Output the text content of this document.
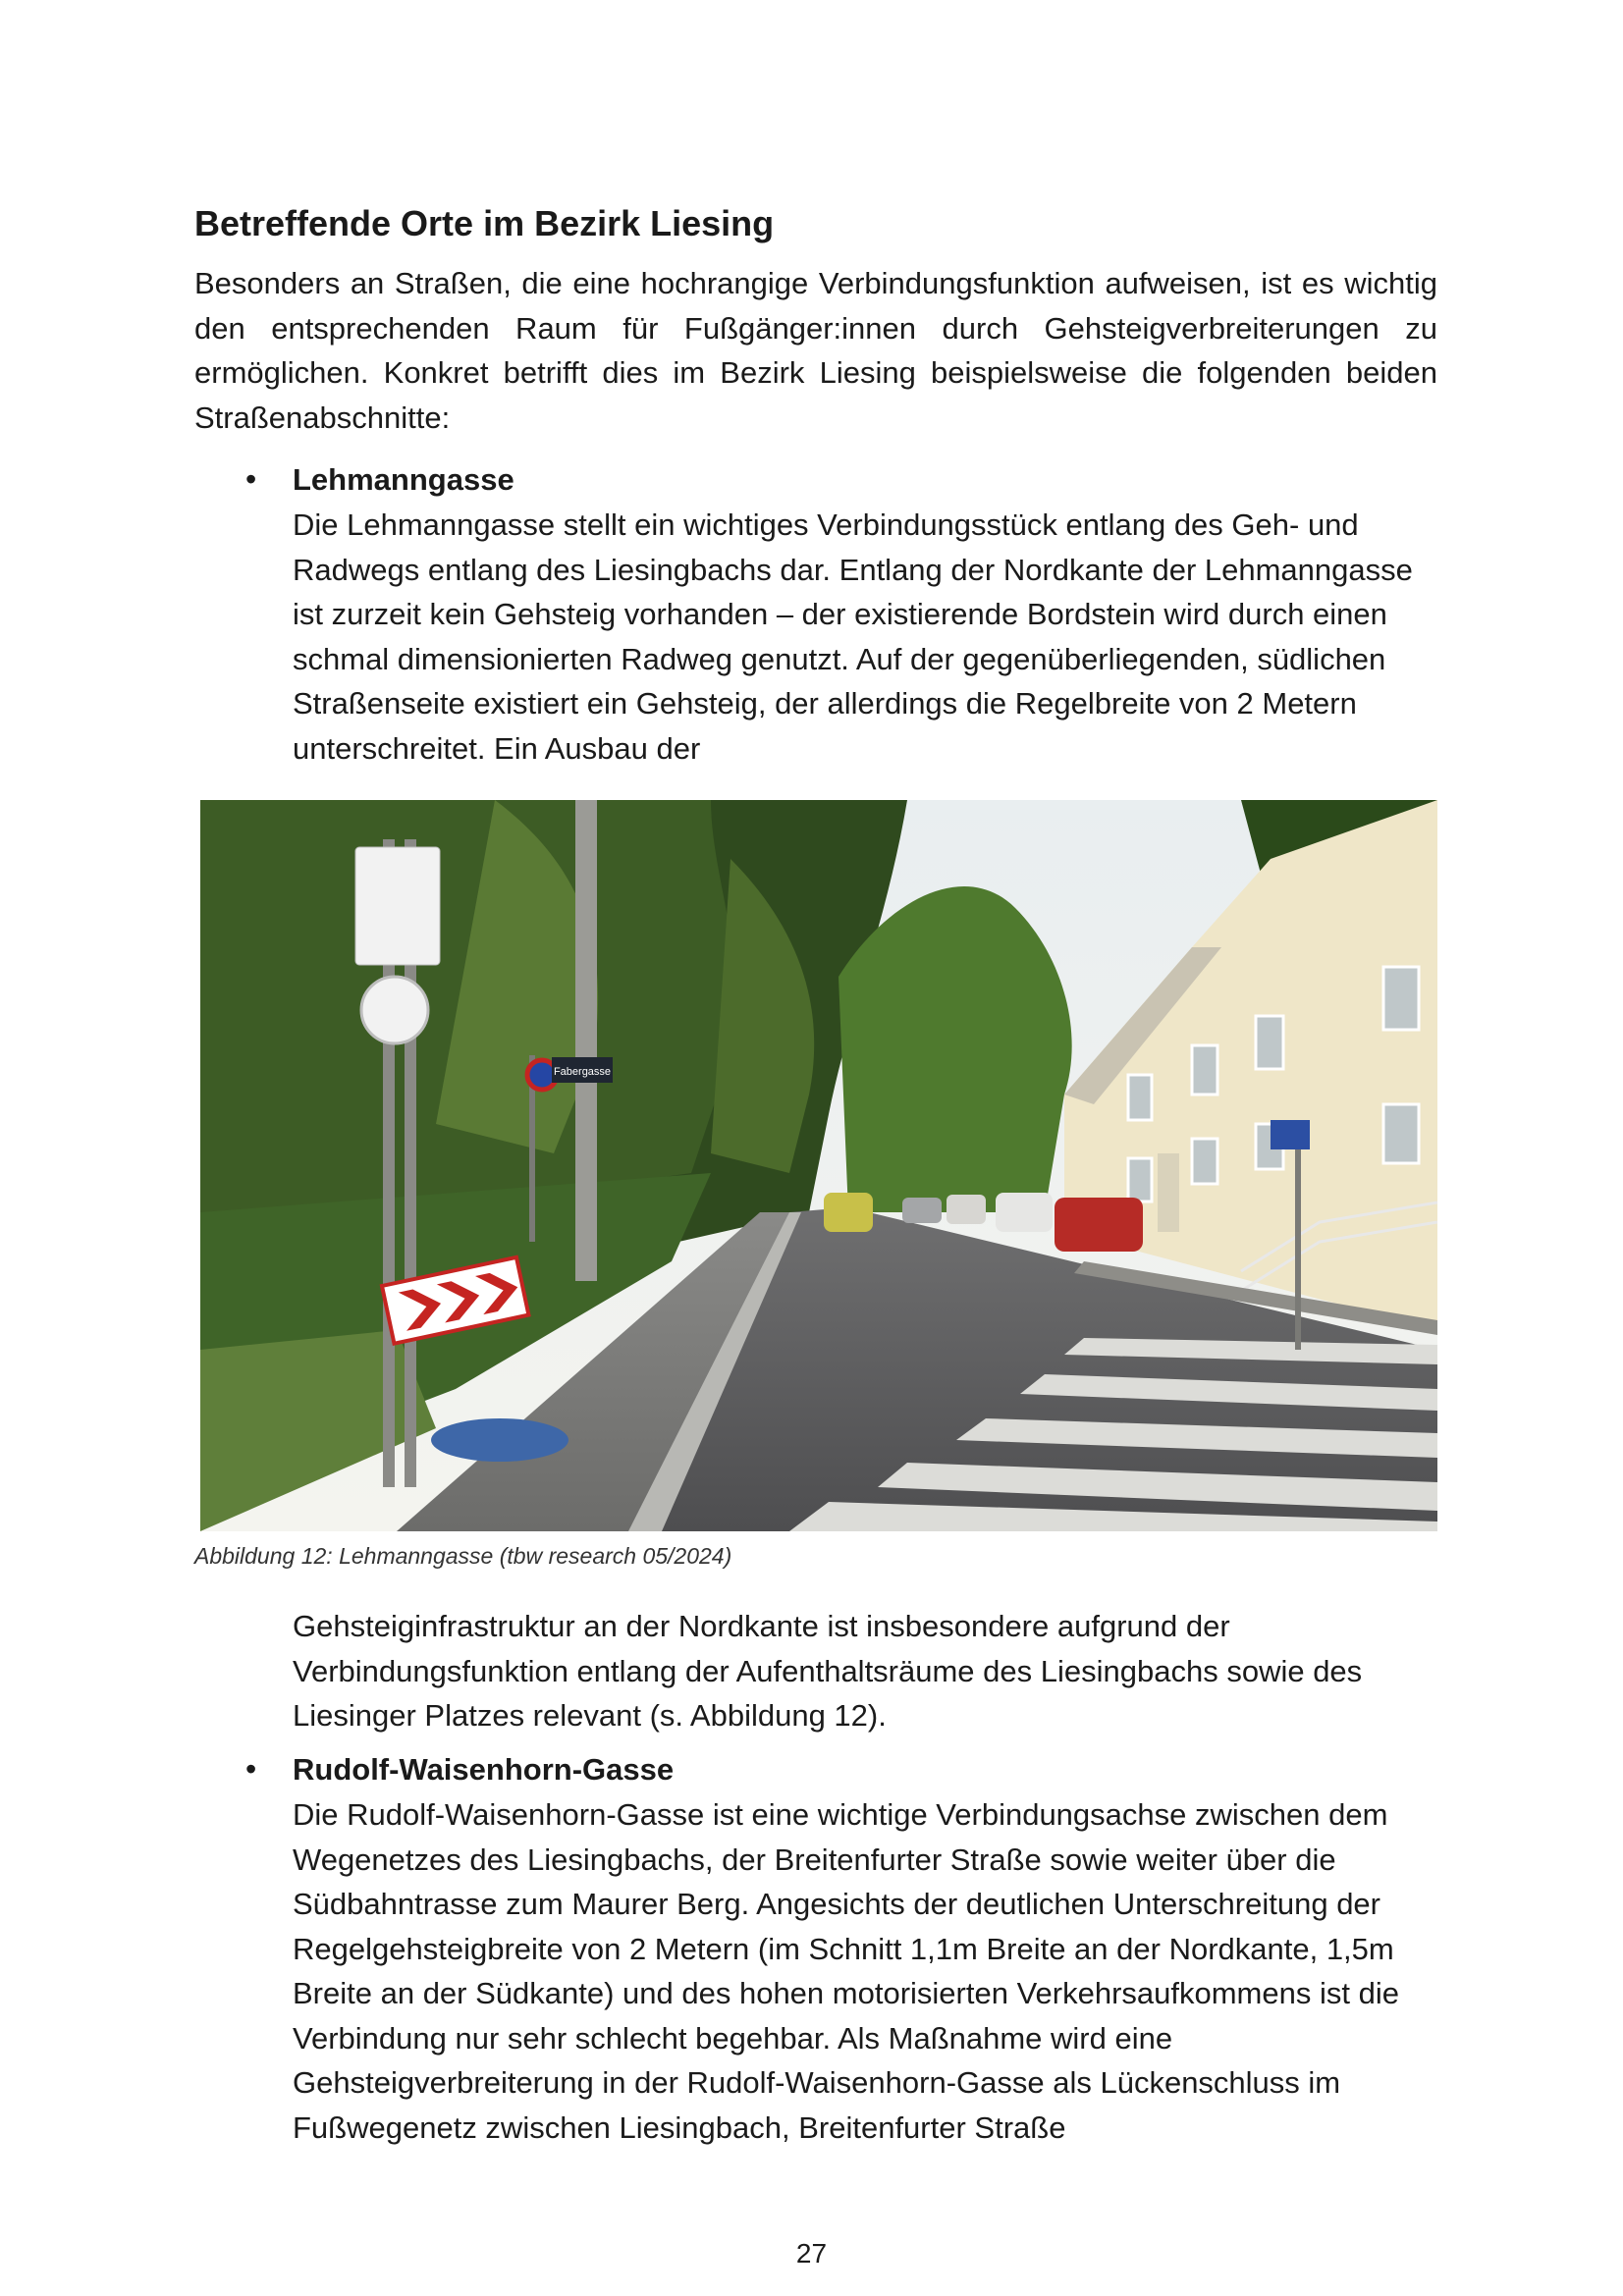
Betreffende Orte im Bezirk Liesing

Besonders an Straßen, die eine hochrangige Verbindungsfunktion aufweisen, ist es wichtig den entsprechenden Raum für Fußgänger:innen durch Gehsteigverbreiterungen zu ermöglichen. Konkret betrifft dies im Bezirk Liesing beispielsweise die folgenden beiden Straßenabschnitte:

•	Lehmanngasse

Die Lehmanngasse stellt ein wichtiges Verbindungsstück entlang des Geh- und Radwegs entlang des Liesingbachs dar. Entlang der Nordkante der Lehmanngasse ist zurzeit kein Gehsteig vorhanden – der existierende Bordstein wird durch einen schmal dimensionierten Radweg genutzt. Auf der gegenüberliegenden, südlichen Straßenseite existiert ein Gehsteig, der allerdings die Regelbreite von 2 Metern unterschreitet. Ein Ausbau der

Fabergasse

Abbildung 12: Lehmanngasse (tbw research 05/2024)

Gehsteiginfrastruktur an der Nordkante ist insbesondere aufgrund der Verbindungsfunktion entlang der Aufenthaltsräume des Liesingbachs sowie des Liesinger Platzes relevant (s. Abbildung 12).

•	Rudolf-Waisenhorn-Gasse

Die Rudolf-Waisenhorn-Gasse ist eine wichtige Verbindungsachse zwischen dem Wegenetzes des Liesingbachs, der Breitenfurter Straße sowie weiter über die Südbahntrasse zum Maurer Berg. Angesichts der deutlichen Unterschreitung der Regelgehsteigbreite von 2 Metern (im Schnitt 1,1m Breite an der Nordkante, 1,5m Breite an der Südkante) und des hohen motorisierten Verkehrsaufkommens ist die Verbindung nur sehr schlecht begehbar. Als Maßnahme wird eine Gehsteigverbreiterung in der Rudolf-Waisenhorn-Gasse als Lückenschluss im Fußwegenetz zwischen Liesingbach, Breitenfurter Straße

27
